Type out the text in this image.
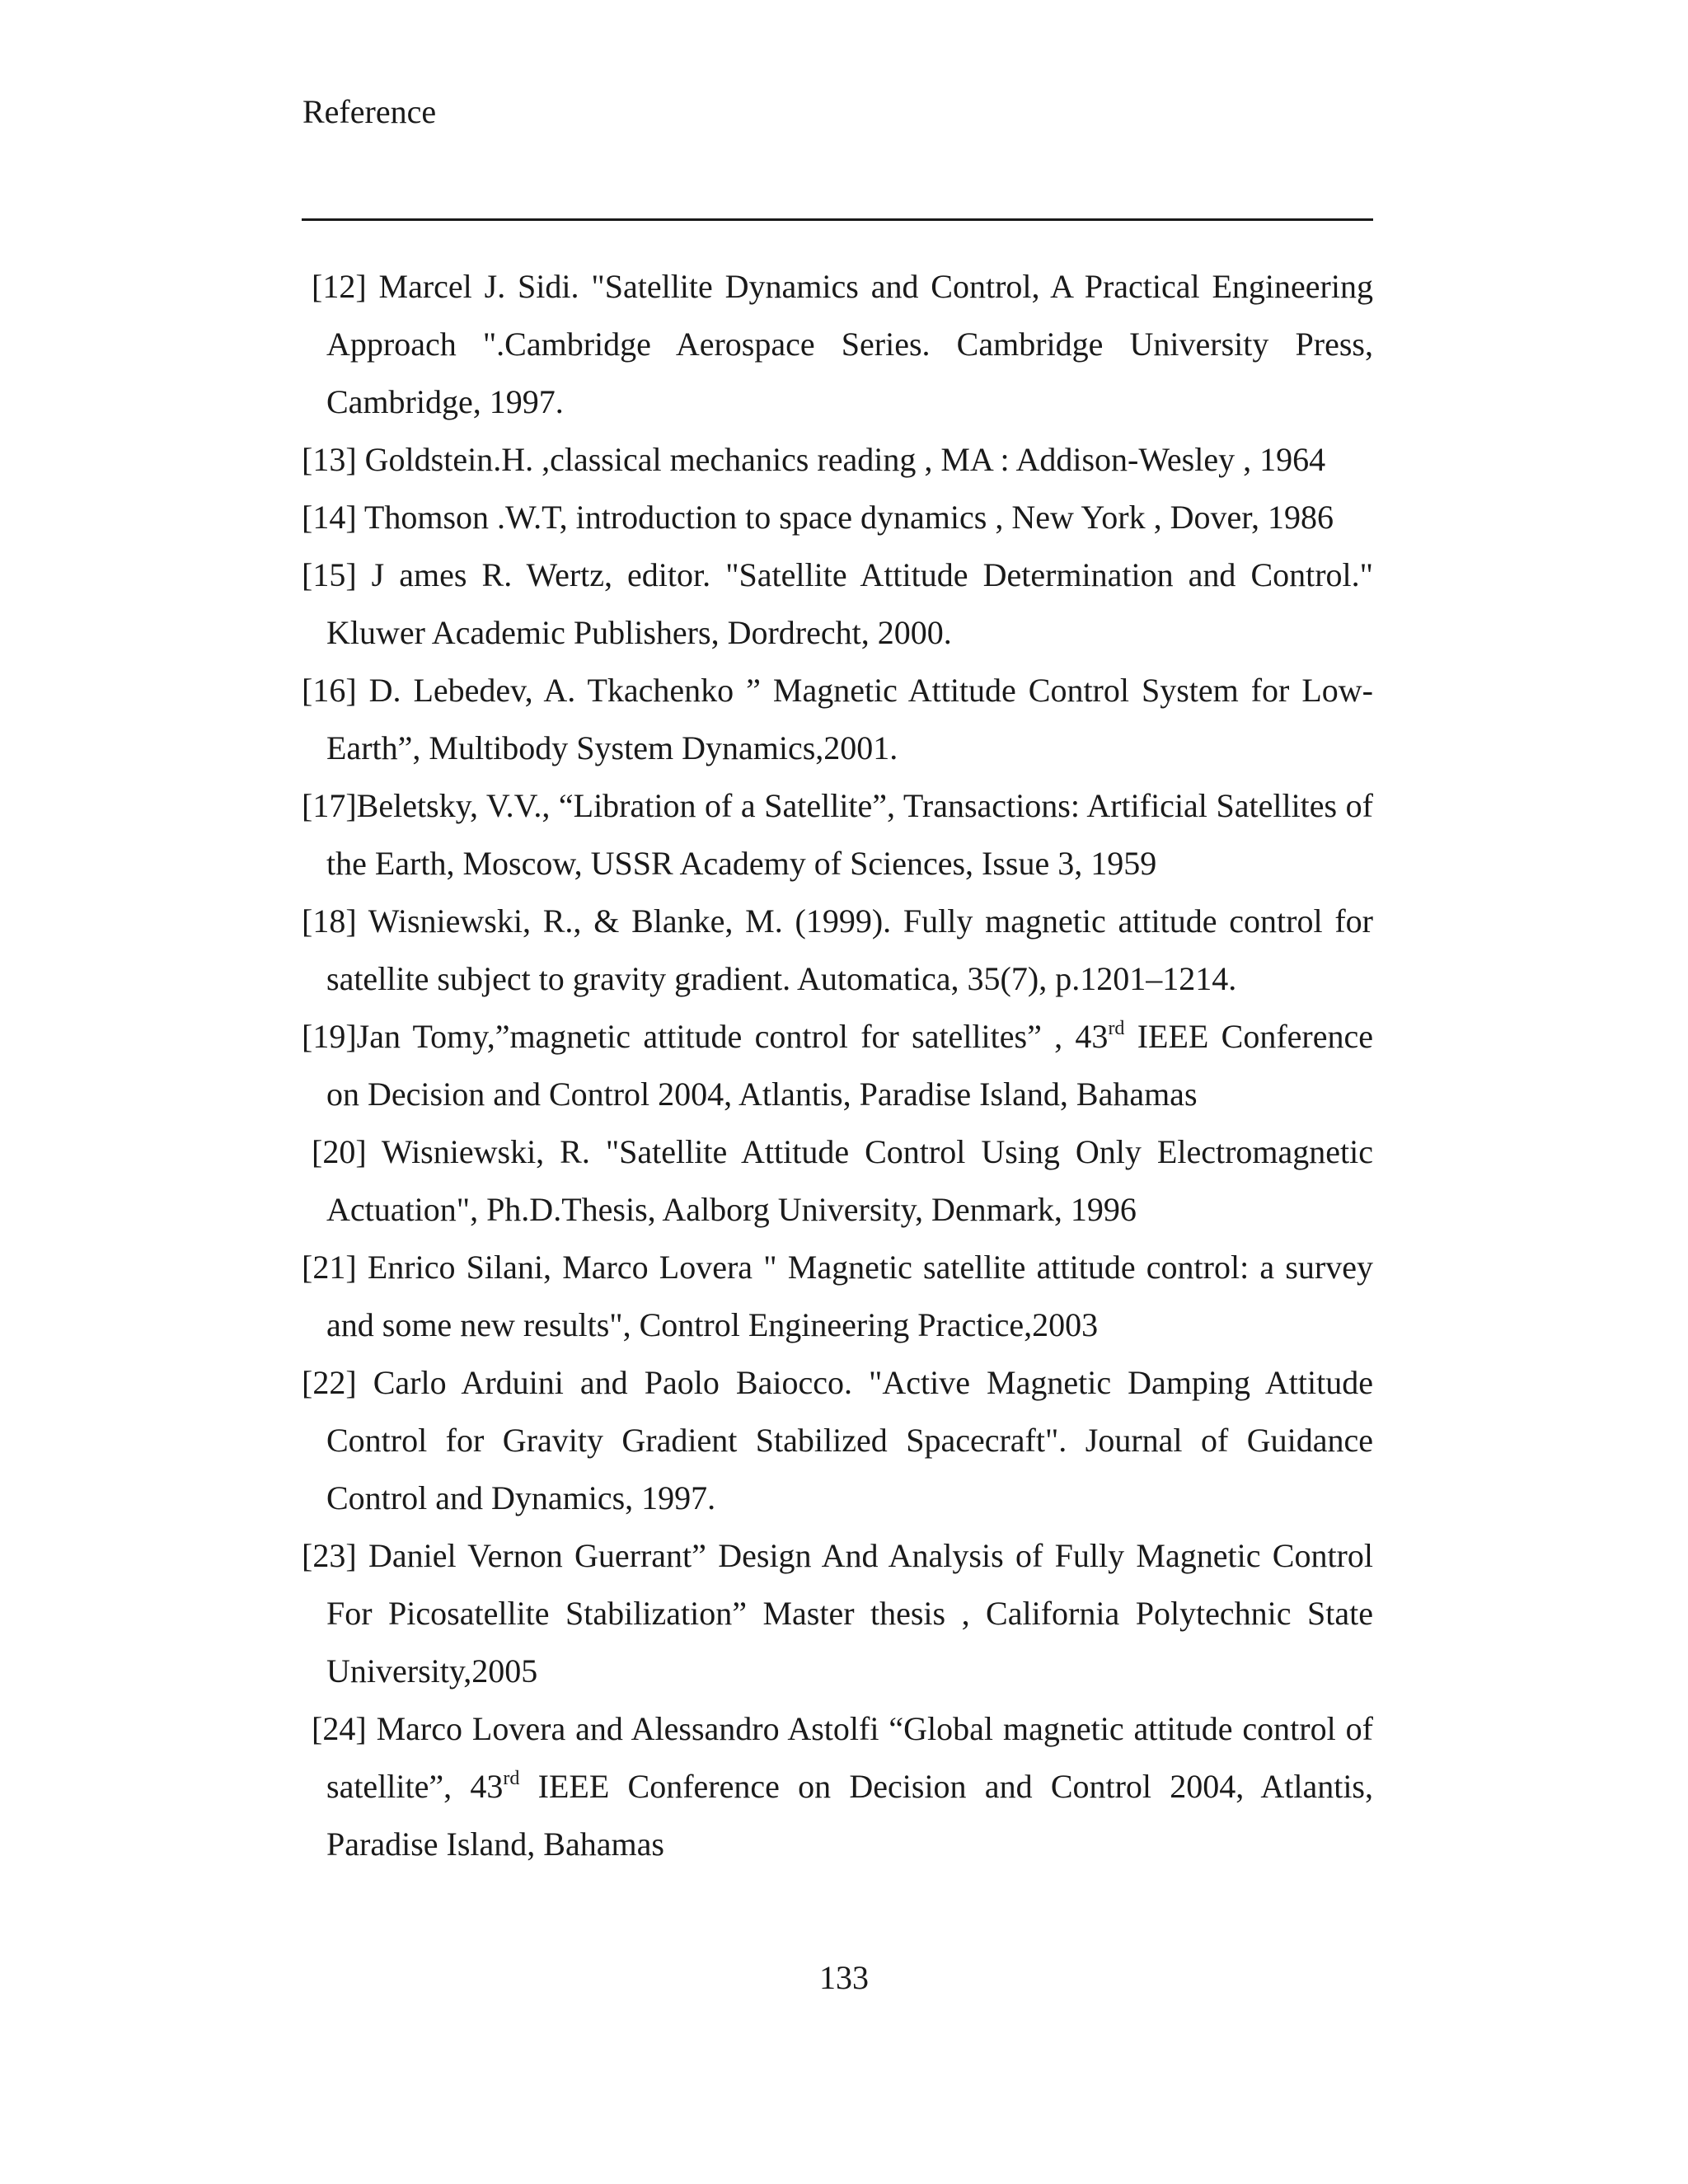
Reference

[12] Marcel J. Sidi. "Satellite Dynamics and Control, A Practical Engineering Approach ".Cambridge Aerospace Series. Cambridge University Press, Cambridge, 1997.

[13] Goldstein.H. ,classical mechanics reading , MA : Addison-Wesley , 1964

[14] Thomson .W.T, introduction to space dynamics , New York , Dover, 1986

[15] J ames R. Wertz, editor. "Satellite Attitude Determination and Control." Kluwer Academic Publishers, Dordrecht, 2000.

[16] D. Lebedev, A. Tkachenko ” Magnetic Attitude Control System for Low-Earth”, Multibody System Dynamics,2001.

[17]Beletsky, V.V., “Libration of a Satellite”, Transactions: Artificial Satellites of the Earth, Moscow, USSR Academy of Sciences, Issue 3, 1959

[18] Wisniewski, R., & Blanke, M. (1999). Fully magnetic attitude control for satellite subject to gravity gradient. Automatica, 35(7), p.1201–1214.

[19]Jan Tomy,”magnetic attitude control for satellites” , 43rd IEEE Conference on Decision and Control 2004, Atlantis, Paradise Island, Bahamas

[20] Wisniewski, R. "Satellite Attitude Control Using Only Electromagnetic Actuation", Ph.D.Thesis, Aalborg University, Denmark, 1996

[21] Enrico Silani, Marco Lovera " Magnetic satellite attitude control: a survey and some new results", Control Engineering Practice,2003

[22] Carlo Arduini and Paolo Baiocco. "Active Magnetic Damping Attitude Control for Gravity Gradient Stabilized Spacecraft". Journal of Guidance Control and Dynamics, 1997.

[23] Daniel Vernon Guerrant” Design And Analysis of Fully Magnetic Control For Picosatellite Stabilization” Master thesis , California Polytechnic State University,2005

[24] Marco Lovera and Alessandro Astolfi “Global magnetic attitude control of satellite”, 43rd IEEE Conference on Decision and Control 2004, Atlantis, Paradise Island, Bahamas

133
